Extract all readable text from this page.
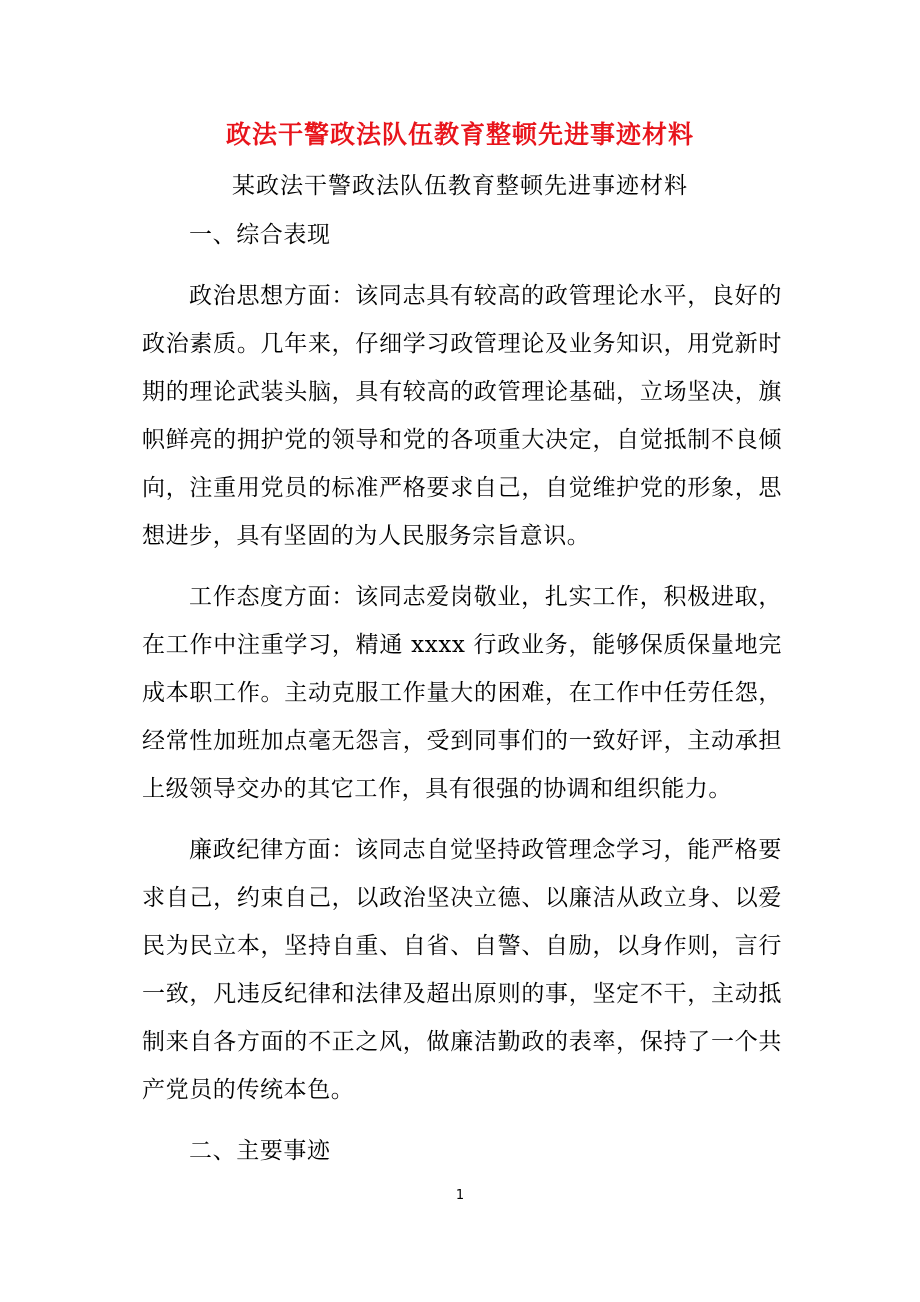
政法干警政法队伍教育整顿先进事迹材料
某政法干警政法队伍教育整顿先进事迹材料

一、综合表现

政治思想方面：该同志具有较高的政管理论水平，良好的政治素质。几年来，仔细学习政管理论及业务知识，用党新时期的理论武装头脑，具有较高的政管理论基础，立场坚决，旗帜鲜亮的拥护党的领导和党的各项重大决定，自觉抵制不良倾向，注重用党员的标准严格要求自己，自觉维护党的形象，思想进步，具有坚固的为人民服务宗旨意识。

工作态度方面：该同志爱岗敬业，扎实工作，积极进取，在工作中注重学习，精通 xxxx 行政业务，能够保质保量地完成本职工作。主动克服工作量大的困难，在工作中任劳任怨，经常性加班加点毫无怨言，受到同事们的一致好评，主动承担上级领导交办的其它工作，具有很强的协调和组织能力。

廉政纪律方面：该同志自觉坚持政管理念学习，能严格要求自己，约束自己，以政治坚决立德、以廉洁从政立身、以爱民为民立本，坚持自重、自省、自警、自励，以身作则，言行一致，凡违反纪律和法律及超出原则的事，坚定不干，主动抵制来自各方面的不正之风，做廉洁勤政的表率，保持了一个共产党员的传统本色。

二、主要事迹

1
